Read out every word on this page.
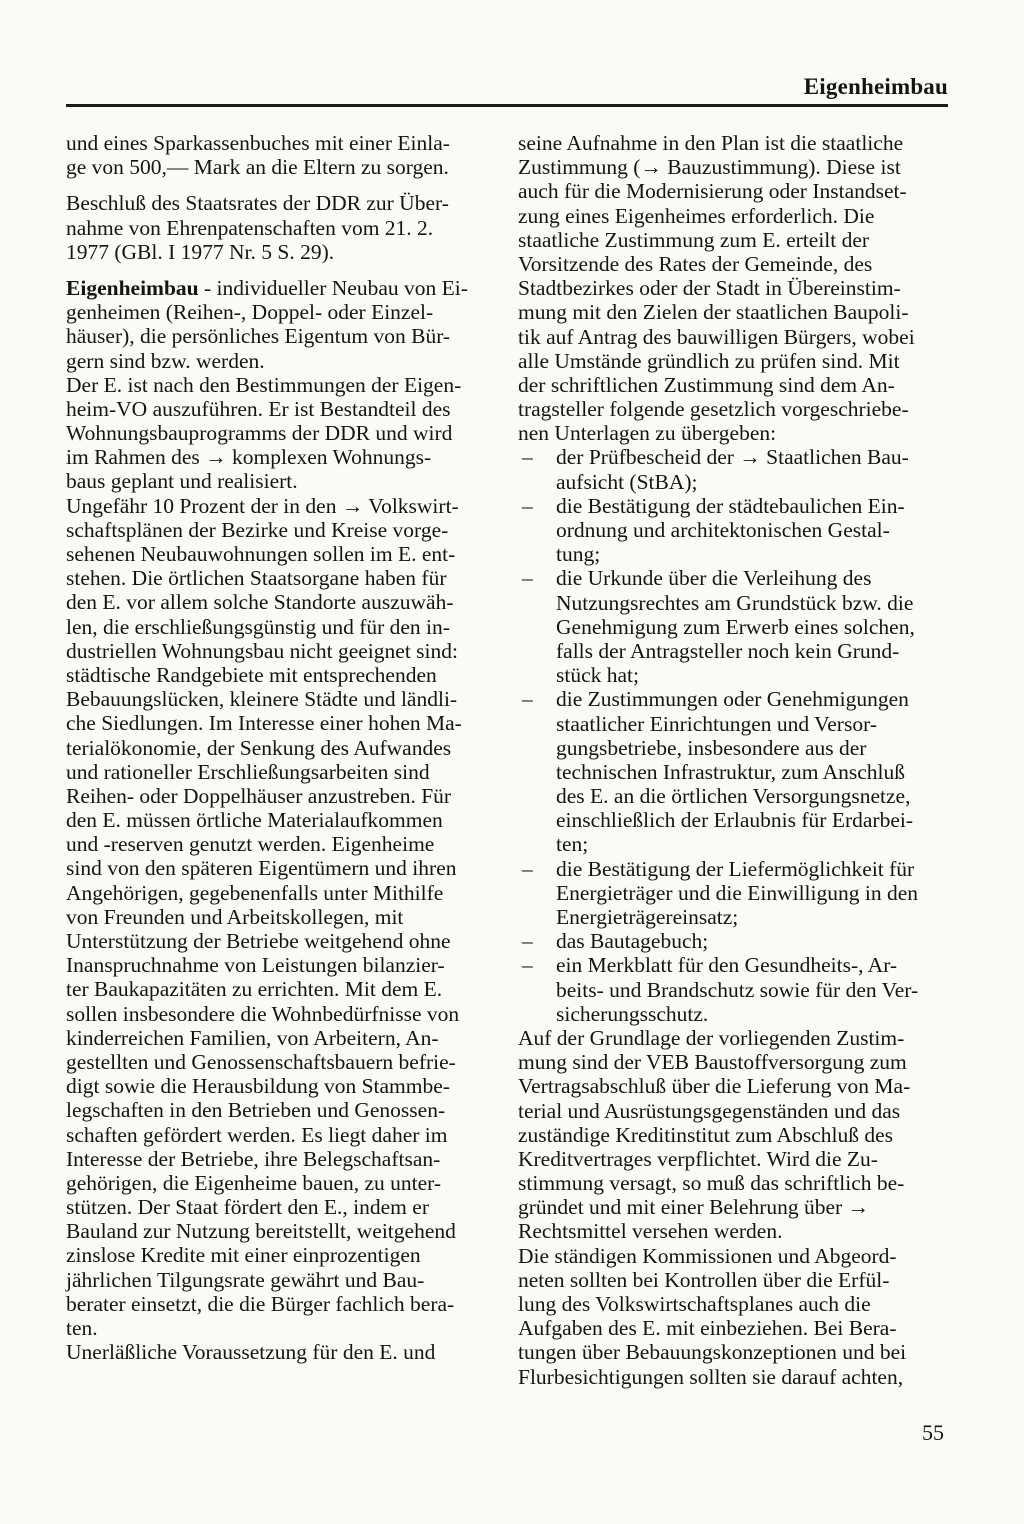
Eigenheimbau
und eines Sparkassenbuches mit einer Einla-
ge von 500,— Mark an die Eltern zu sorgen.
Beschluß des Staatsrates der DDR zur Über-
nahme von Ehrenpatenschaften vom 21. 2.
1977 (GBl. I 1977 Nr. 5 S. 29).
Eigenheimbau - individueller Neubau von Ei-
genheimen (Reihen-, Doppel- oder Einzel-
häuser), die persönliches Eigentum von Bür-
gern sind bzw. werden.
Der E. ist nach den Bestimmungen der Eigen-
heim-VO auszuführen. Er ist Bestandteil des
Wohnungsbauprogramms der DDR und wird
im Rahmen des → komplexen Wohnungs-
baus geplant und realisiert.
Ungefähr 10 Prozent der in den → Volkswirt-
schaftsplänen der Bezirke und Kreise vorge-
sehenen Neubauwohnungen sollen im E. ent-
stehen. Die örtlichen Staatsorgane haben für
den E. vor allem solche Standorte auszuwäh-
len, die erschließungsgünstig und für den in-
dustriellen Wohnungsbau nicht geeignet sind:
städtische Randgebiete mit entsprechenden
Bebauungslücken, kleinere Städte und ländli-
che Siedlungen. Im Interesse einer hohen Ma-
terialökonomie, der Senkung des Aufwandes
und rationeller Erschließungsarbeiten sind
Reihen- oder Doppelhäuser anzustreben. Für
den E. müssen örtliche Materialaufkommen
und -reserven genutzt werden. Eigenheime
sind von den späteren Eigentümern und ihren
Angehörigen, gegebenenfalls unter Mithilfe
von Freunden und Arbeitskollegen, mit
Unterstützung der Betriebe weitgehend ohne
Inanspruchnahme von Leistungen bilanzier-
ter Baukapazitäten zu errichten. Mit dem E.
sollen insbesondere die Wohnbedürfnisse von
kinderreichen Familien, von Arbeitern, An-
gestellten und Genossenschaftsbauern befrie-
digt sowie die Herausbildung von Stammbe-
legschaften in den Betrieben und Genossen-
schaften gefördert werden. Es liegt daher im
Interesse der Betriebe, ihre Belegschaftsan-
gehörigen, die Eigenheime bauen, zu unter-
stützen. Der Staat fördert den E., indem er
Bauland zur Nutzung bereitstellt, weitgehend
zinslose Kredite mit einer einprozentigen
jährlichen Tilgungsrate gewährt und Bau-
berater einsetzt, die die Bürger fachlich bera-
ten.
Unerläßliche Voraussetzung für den E. und
seine Aufnahme in den Plan ist die staatliche
Zustimmung (→ Bauzustimmung). Diese ist
auch für die Modernisierung oder Instandset-
zung eines Eigenheimes erforderlich. Die
staatliche Zustimmung zum E. erteilt der
Vorsitzende des Rates der Gemeinde, des
Stadtbezirkes oder der Stadt in Übereinstim-
mung mit den Zielen der staatlichen Baupoli-
tik auf Antrag des bauwilligen Bürgers, wobei
alle Umstände gründlich zu prüfen sind. Mit
der schriftlichen Zustimmung sind dem An-
tragsteller folgende gesetzlich vorgeschriebe-
nen Unterlagen zu übergeben:
–	der Prüfbescheid der → Staatlichen Bau-
aufsicht (StBA);
–	die Bestätigung der städtebaulichen Ein-
ordnung und architektonischen Gestal-
tung;
–	die Urkunde über die Verleihung des
Nutzungsrechtes am Grundstück bzw. die
Genehmigung zum Erwerb eines solchen,
falls der Antragsteller noch kein Grund-
stück hat;
–	die Zustimmungen oder Genehmigungen
staatlicher Einrichtungen und Versor-
gungsbetriebe, insbesondere aus der
technischen Infrastruktur, zum Anschluß
des E. an die örtlichen Versorgungsnetze,
einschließlich der Erlaubnis für Erdarbei-
ten;
–	die Bestätigung der Liefermöglichkeit für
Energieträger und die Einwilligung in den
Energieträgereinsatz;
–	das Bautagebuch;
–	ein Merkblatt für den Gesundheits-, Ar-
beits- und Brandschutz sowie für den Ver-
sicherungsschutz.
Auf der Grundlage der vorliegenden Zustim-
mung sind der VEB Baustoffversorgung zum
Vertragsabschluß über die Lieferung von Ma-
terial und Ausrüstungsgegenständen und das
zuständige Kreditinstitut zum Abschluß des
Kreditvertrages verpflichtet. Wird die Zu-
stimmung versagt, so muß das schriftlich be-
gründet und mit einer Belehrung über →
Rechtsmittel versehen werden.
Die ständigen Kommissionen und Abgeord-
neten sollten bei Kontrollen über die Erfül-
lung des Volkswirtschaftsplanes auch die
Aufgaben des E. mit einbeziehen. Bei Bera-
tungen über Bebauungskonzeptionen und bei
Flurbesichtigungen sollten sie darauf achten,
55
